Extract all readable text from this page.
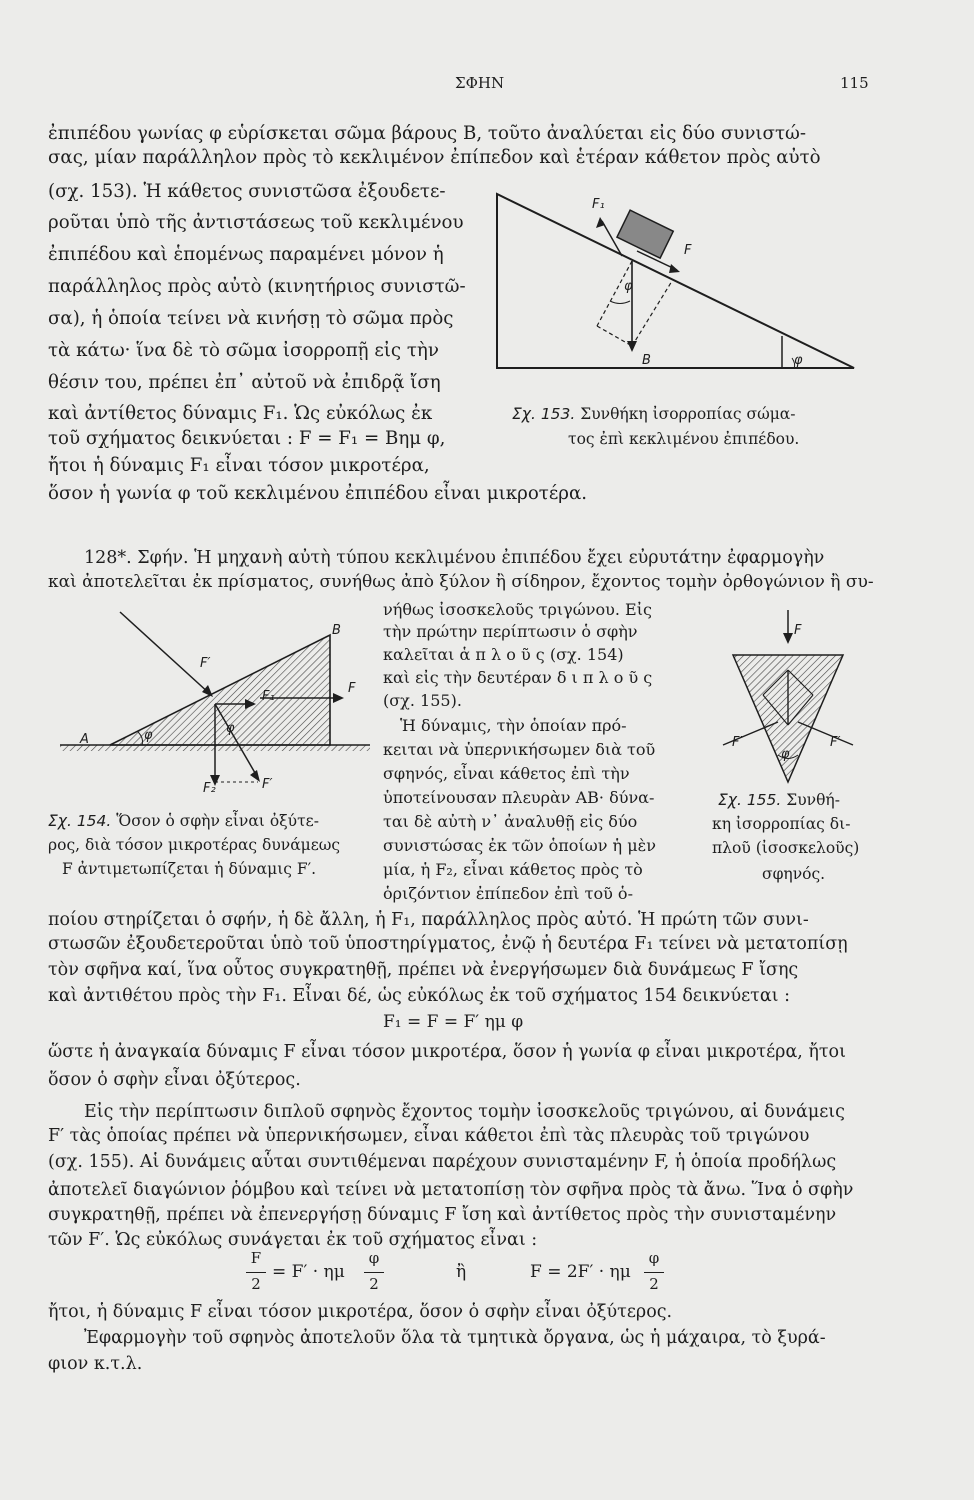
ΣΦΗΝ	115
ἐπιπέδου γωνίας φ εὑρίσκεται σῶμα βάρους Β, τοῦτο ἀναλύεται εἰς δύο συνιστώ-
σας, μίαν παράλληλον πρὸς τὸ κεκλιμένον ἐπίπεδον καὶ ἑτέραν κάθετον πρὸς αὐτὸ
(σχ. 153). Ἡ κάθετος συνιστῶσα ἐξουδετε-
ροῦται ὑπὸ τῆς ἀντιστάσεως τοῦ κεκλιμένου
ἐπιπέδου καὶ ἑπομένως παραμένει μόνον ἡ
παράλληλος πρὸς αὐτὸ (κινητήριος συνιστῶ-
σα), ἡ ὁποία τείνει νὰ κινήσῃ τὸ σῶμα πρὸς
τὰ κάτω· ἵνα δὲ τὸ σῶμα ἰσορροπῇ εἰς τὴν
θέσιν του, πρέπει ἐπ᾽ αὐτοῦ νὰ ἐπιδρᾷ ἴση
καὶ ἀντίθετος δύναμις F₁. Ὡς εὐκόλως ἐκ
τοῦ σχήματος δεικνύεται : F = F₁ = Βημ φ,
ἤτοι ἡ δύναμις F₁ εἶναι τόσον μικροτέρα,
ὅσον ἡ γωνία φ τοῦ κεκλιμένου ἐπιπέδου εἶναι μικροτέρα.
F₁
F
φ
B	φ
Σχ. 153. Συνθήκη ἰσορροπίας σώμα-
τος ἐπὶ κεκλιμένου ἐπιπέδου.
128*. Σφήν. Ἡ μηχανὴ αὐτὴ τύπου κεκλιμένου ἐπιπέδου ἔχει εὐρυτάτην ἐφαρμογὴν
καὶ ἀποτελεῖται ἐκ πρίσματος, συνήθως ἀπὸ ξύλον ἢ σίδηρον, ἔχοντος τομὴν ὀρθογώνιον ἢ συ-
νήθως ἰσοσκελοῦς τριγώνου. Εἰς
τὴν πρώτην περίπτωσιν ὁ σφὴν
καλεῖται ἁ π λ ο ῦ ς (σχ. 154)
καὶ εἰς τὴν δευτέραν δ ι π λ ο ῦ ς
(σχ. 155).
Ἡ δύναμις, τὴν ὁποίαν πρό-
κειται νὰ ὑπερνικήσωμεν διὰ τοῦ
σφηνός, εἶναι κάθετος ἐπὶ τὴν
ὑποτείνουσαν πλευρὰν ΑΒ· δύνα-
ται δὲ αὐτὴ ν᾽ ἀναλυθῇ εἰς δύο
συνιστώσας ἐκ τῶν ὁποίων ἡ μὲν
μία, ἡ F₂, εἶναι κάθετος πρὸς τὸ
ὁριζόντιον ἐπίπεδον ἐπὶ τοῦ ὁ-
B
A
F
F′
F₁
F₂
φ	φ
F′
Σχ. 154. Ὅσον ὁ σφὴν εἶναι ὀξύτε-
ρος, διὰ τόσον μικροτέρας δυνάμεως
F ἀντιμετωπίζεται ἡ δύναμις F′.
F
F′	F′
φ
Σχ. 155. Συνθή-
κη ἰσορροπίας δι-
πλοῦ (ἰσοσκελοῦς)
σφηνός.
ποίου στηρίζεται ὁ σφήν, ἡ δὲ ἄλλη, ἡ F₁, παράλληλος πρὸς αὐτό. Ἡ πρώτη τῶν συνι-
στωσῶν ἐξουδετεροῦται ὑπὸ τοῦ ὑποστηρίγματος, ἐνῷ ἡ δευτέρα F₁ τείνει νὰ μετατοπίσῃ
τὸν σφῆνα καί, ἵνα οὗτος συγκρατηθῇ, πρέπει νὰ ἐνεργήσωμεν διὰ δυνάμεως F ἴσης
καὶ ἀντιθέτου πρὸς τὴν F₁. Εἶναι δέ, ὡς εὐκόλως ἐκ τοῦ σχήματος 154 δεικνύεται :
F₁ = F = F′ ημ φ
ὥστε ἡ ἀναγκαία δύναμις F εἶναι τόσον μικροτέρα, ὅσον ἡ γωνία φ εἶναι μικροτέρα, ἤτοι
ὅσον ὁ σφὴν εἶναι ὀξύτερος.
Εἰς τὴν περίπτωσιν διπλοῦ σφηνὸς ἔχοντος τομὴν ἰσοσκελοῦς τριγώνου, αἱ δυνάμεις
F′ τὰς ὁποίας πρέπει νὰ ὑπερνικήσωμεν, εἶναι κάθετοι ἐπὶ τὰς πλευρὰς τοῦ τριγώνου
(σχ. 155). Αἱ δυνάμεις αὗται συντιθέμεναι παρέχουν συνισταμένην F, ἡ ὁποία προδήλως
ἀποτελεῖ διαγώνιον ῥόμβου καὶ τείνει νὰ μετατοπίσῃ τὸν σφῆνα πρὸς τὰ ἄνω. Ἵνα ὁ σφὴν
συγκρατηθῇ, πρέπει νὰ ἐπενεργήσῃ δύναμις F ἴση καὶ ἀντίθετος πρὸς τὴν συνισταμένην
τῶν F′. Ὡς εὐκόλως συνάγεται ἐκ τοῦ σχήματος εἶναι :
F
2
= F′ · ημ
φ
2
ἢ	F = 2F′ · ημ
φ
2
ἤτοι, ἡ δύναμις F εἶναι τόσον μικροτέρα, ὅσον ὁ σφὴν εἶναι ὀξύτερος.
Ἐφαρμογὴν τοῦ σφηνὸς ἀποτελοῦν ὅλα τὰ τμητικὰ ὄργανα, ὡς ἡ μάχαιρα, τὸ ξυρά-
φιον κ.τ.λ.
